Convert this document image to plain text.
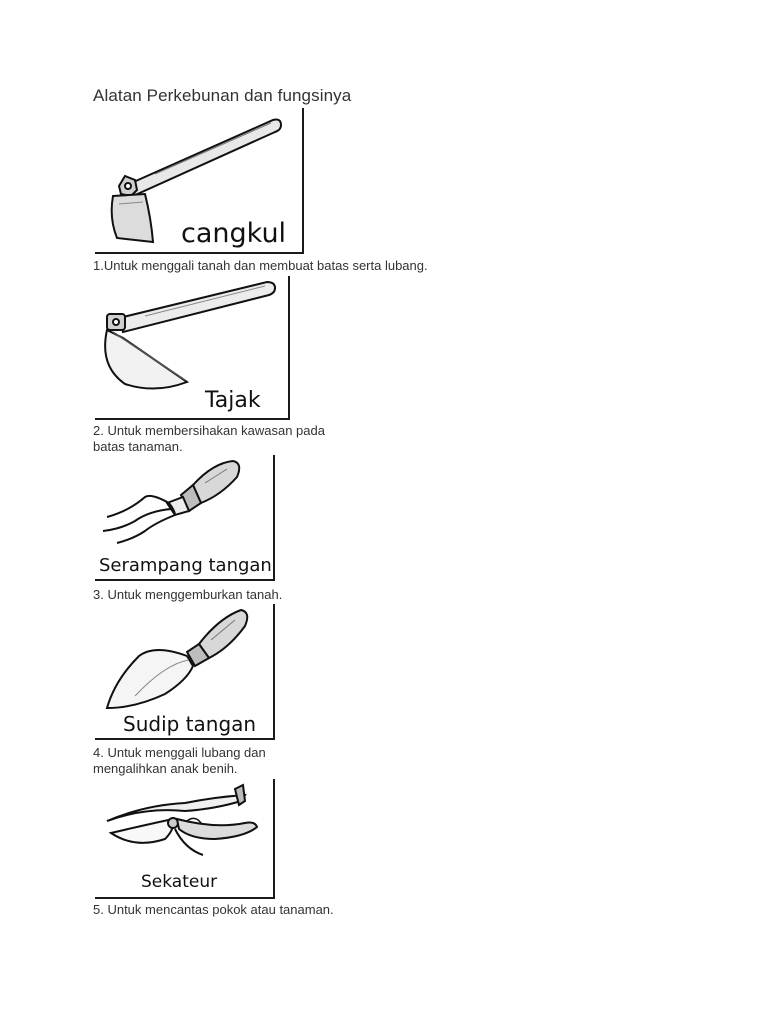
Alatan Perkebunan dan fungsinya
cangkul
1.Untuk menggali tanah dan membuat batas serta lubang.
Tajak
2. Untuk membersihakan kawasan pada
batas tanaman.
Serampang tangan
3. Untuk menggemburkan tanah.
Sudip tangan
4. Untuk menggali lubang dan
mengalihkan anak benih.
Sekateur
5. Untuk mencantas pokok atau tanaman.
